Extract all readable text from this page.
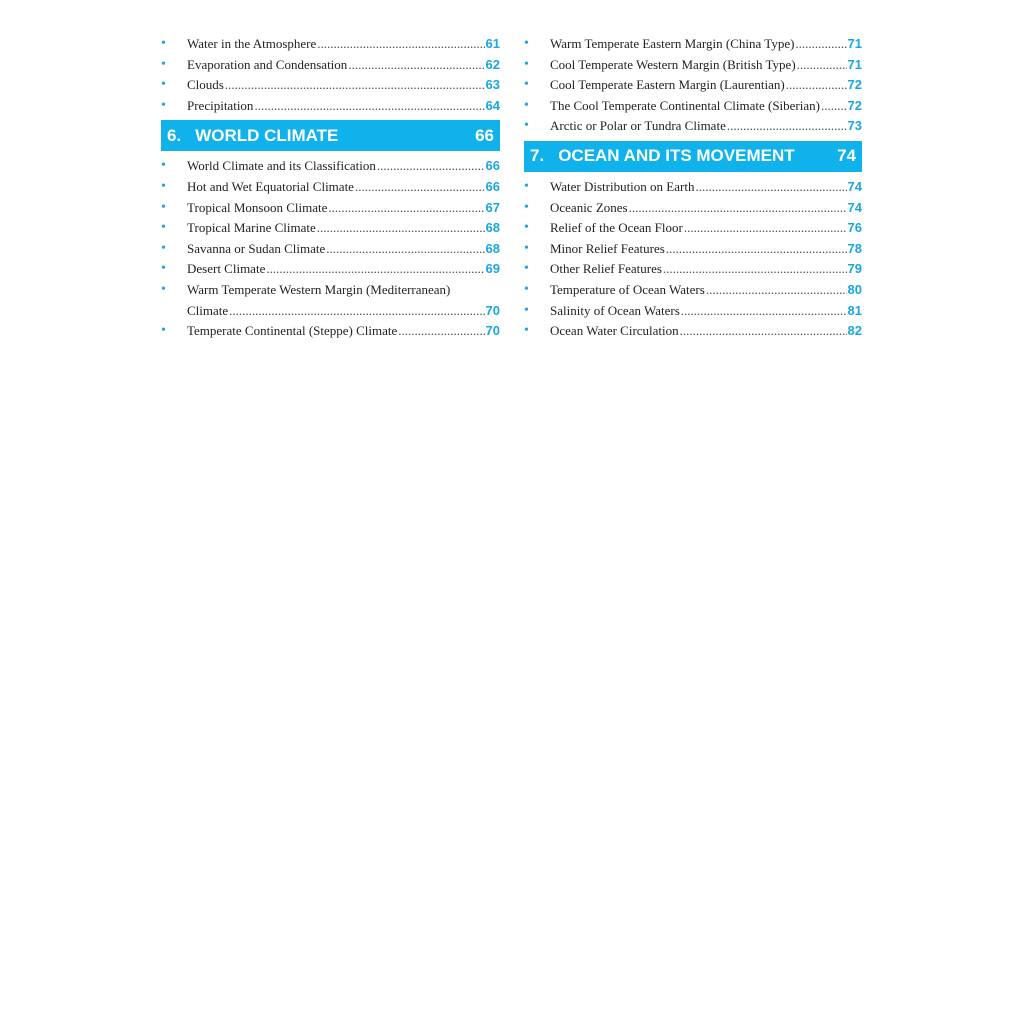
•	Water in the Atmosphere .....	61
•	Evaporation and Condensation .....	62
•	Clouds .....	63
•	Precipitation .....	64
6. WORLD CLIMATE	66
•	World Climate and its Classification .....	66
•	Hot and Wet Equatorial Climate .....	66
•	Tropical Monsoon Climate .....	67
•	Tropical Marine Climate .....	68
•	Savanna or Sudan Climate .....	68
•	Desert Climate .....	69
•	Warm Temperate Western Margin (Mediterranean)
Climate .....	70
•	Temperate Continental (Steppe) Climate .....	70
•	Warm Temperate Eastern Margin (China Type) .....	71
•	Cool Temperate Western Margin (British Type) .....	71
•	Cool Temperate Eastern Margin (Laurentian) .....	72
•	The Cool Temperate Continental Climate (Siberian) ..... 72
•	Arctic or Polar or Tundra Climate .....	73
7. OCEAN AND ITS MOVEMENT 74
•	Water Distribution on Earth .....	74
•	Oceanic Zones .....	74
•	Relief of the Ocean Floor .....	76
•	Minor Relief Features .....	78
•	Other Relief Features .....	79
•	Temperature of Ocean Waters .....	80
•	Salinity of Ocean Waters .....	81
•	Ocean Water Circulation .....	82
